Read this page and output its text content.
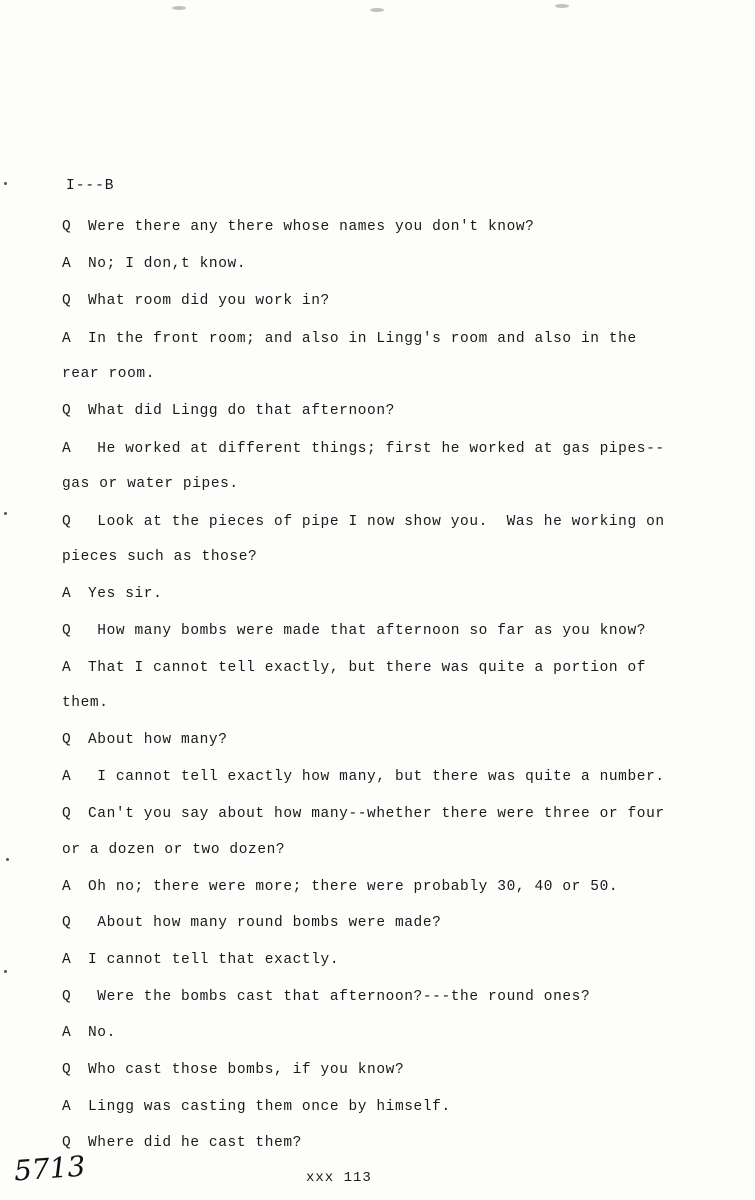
I---B
Q Were there any there whose names you don't know?
A No; I don,t know.
Q What room did you work in?
A In the front room; and also in Lingg's room and also in the
rear room.
Q What did Lingg do that afternoon?
A He worked at different things; first he worked at gas pipes--
gas or water pipes.
Q Look at the pieces of pipe I now show you.  Was he working on
pieces such as those?
A Yes sir.
Q How many bombs were made that afternoon so far as you know?
A That I cannot tell exactly, but there was quite a portion of
them.
Q About how many?
A I cannot tell exactly how many, but there was quite a number.
Q Can't you say about how many--whether there were three or four
or a dozen or two dozen?
A Oh no; there were more; there were probably 30, 40 or 50.
Q About how many round bombs were made?
A I cannot tell that exactly.
Q Were the bombs cast that afternoon?---the round ones?
A No.
Q Who cast those bombs, if you know?
A Lingg was casting them once by himself.
Q Where did he cast them?
5713	xxx 113
